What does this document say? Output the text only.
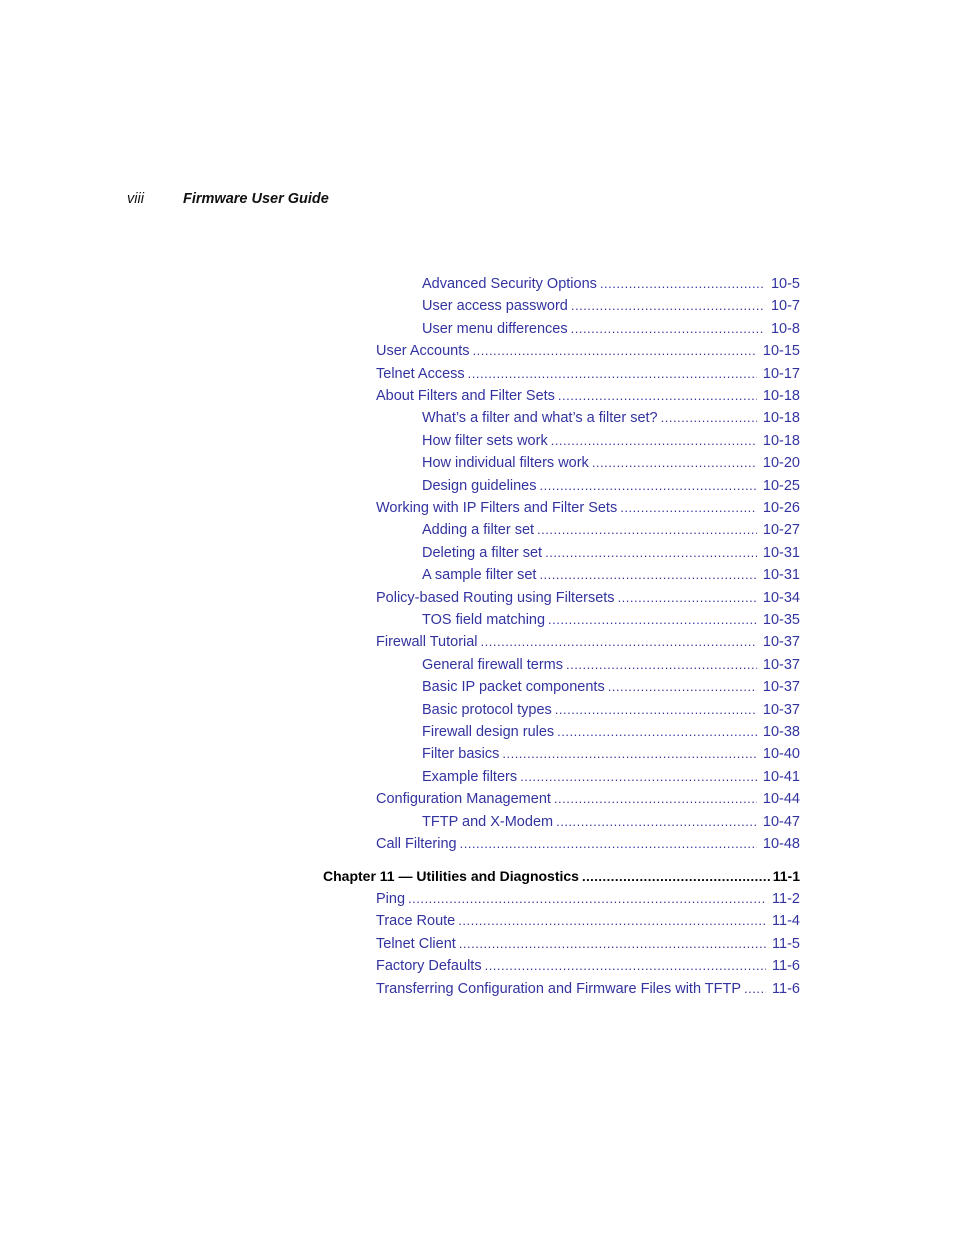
viii	Firmware User Guide
Advanced Security Options .....	10-5
User access password .....	10-7
User menu differences .....	10-8
User Accounts .....	10-15
Telnet Access .....	10-17
About Filters and Filter Sets .....	10-18
What’s a filter and what’s a filter set? .....	10-18
How filter sets work .....	10-18
How individual filters work .....	10-20
Design guidelines .....	10-25
Working with IP Filters and Filter Sets .....	10-26
Adding a filter set .....	10-27
Deleting a filter set .....	10-31
A sample filter set .....	10-31
Policy-based Routing using Filtersets .....	10-34
TOS field matching .....	10-35
Firewall Tutorial .....	10-37
General firewall terms .....	10-37
Basic IP packet components .....	10-37
Basic protocol types .....	10-37
Firewall design rules .....	10-38
Filter basics .....	10-40
Example filters .....	10-41
Configuration Management .....	10-44
TFTP and X-Modem .....	10-47
Call Filtering .....	10-48
Chapter 11 — Utilities and Diagnostics .....	11-1
Ping .....	11-2
Trace Route .....	11-4
Telnet Client .....	11-5
Factory Defaults .....	11-6
Transferring Configuration and Firmware Files with TFTP .....	11-6
